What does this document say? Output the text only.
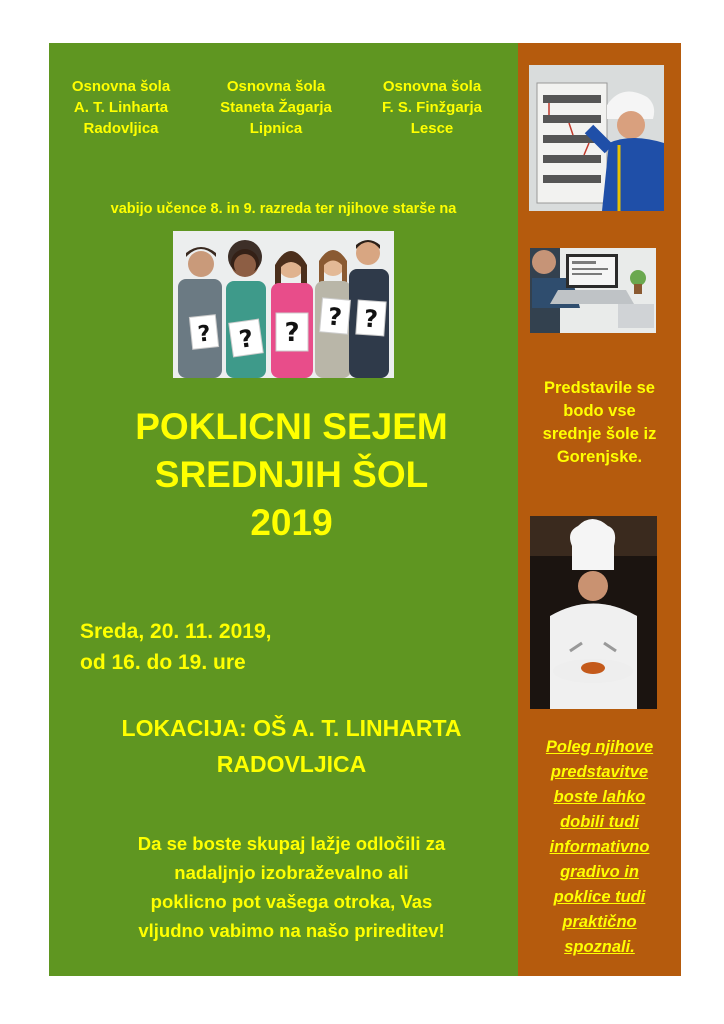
Osnovna šola
A. T. Linharta
Radovljica
Osnovna šola
Staneta Žagarja
Lipnica
Osnovna šola
F. S. Finžgarja
Lesce
vabijo učence 8. in 9. razreda ter njihove starše na
? ? ?
? ?
POKLICNI SEJEM
SREDNJIH ŠOL
2019
Sreda, 20. 11. 2019,
od 16. do 19. ure
LOKACIJA: OŠ A. T. LINHARTA
RADOVLJICA
Da se boste skupaj lažje odločili za
nadaljnjo izobraževalno ali
poklicno pot vašega otroka, Vas
vljudno vabimo na našo prireditev!
Predstavile se
bodo vse
srednje šole iz
Gorenjske.
Poleg njihove
predstavitve
boste lahko
dobili tudi
informativno
gradivo in
poklice tudi
praktično
spoznali.
